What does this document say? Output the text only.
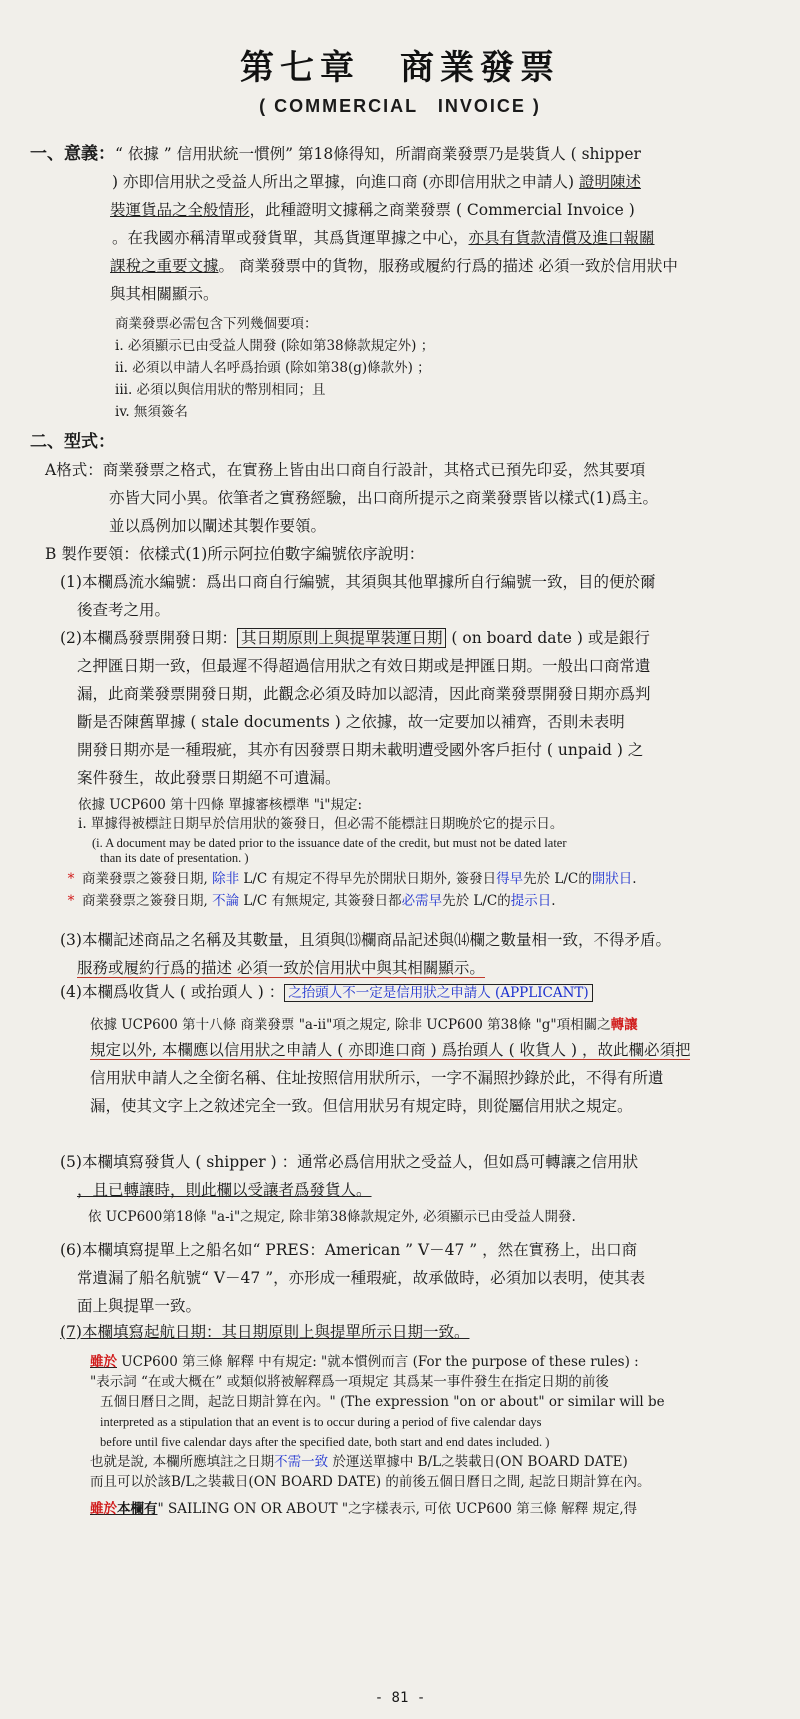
第七章　商業發票
( COMMERCIAL　INVOICE )
一、意義：“ 依據 ” 信用狀統一慣例” 第18條得知，所謂商業發票乃是裝貨人 ( shipper
) 亦即信用狀之受益人所出之單據，向進口商 (亦即信用狀之申請人) 證明陳述
裝運貨品之全般情形，此種證明文據稱之商業發票 ( Commercial Invoice )
。在我國亦稱清單或發貨單，其爲貨運單據之中心，亦具有貨款清償及進口報關
課稅之重要文據。 商業發票中的貨物，服務或履約行爲的描述 必須一致於信用狀中
與其相關顯示。
商業發票必需包含下列幾個要項：
i. 必須顯示已由受益人開發 (除如第38條款規定外) ；
ii. 必須以申請人名呼爲抬頭 (除如第38(g)條款外) ；
iii. 必須以與信用狀的幣別相同；且
iv. 無須簽名
二、型式：
A格式：商業發票之格式，在實務上皆由出口商自行設計，其格式已預先印妥，然其要項
亦皆大同小異。依筆者之實務經驗，出口商所提示之商業發票皆以樣式(1)爲主。
並以爲例加以闡述其製作要領。
B 製作要領：依樣式(1)所示阿拉伯數字編號依序說明：
(1)本欄爲流水編號：爲出口商自行編號，其須與其他單據所自行編號一致，目的便於爾
後查考之用。
(2)本欄爲發票開發日期： 其日期原則上與提單裝運日期 ( on board date ) 或是銀行
之押匯日期一致，但最遲不得超過信用狀之有效日期或是押匯日期。一般出口商常遺
漏，此商業發票開發日期，此觀念必須及時加以認清，因此商業發票開發日期亦爲判
斷是否陳舊單據 ( stale documents ) 之依據，故一定要加以補齊，否則未表明
開發日期亦是一種瑕疵，其亦有因發票日期未載明遭受國外客戶拒付 ( unpaid ) 之
案件發生，故此發票日期絕不可遺漏。
依據 UCP600 第十四條 單據審核標準 "i"規定:
i. 單據得被標註日期早於信用狀的簽發日，但必需不能標註日期晚於它的提示日。
(i. A document may be dated prior to the issuance date of the credit, but must not be dated later
than its date of presentation. )
* 商業發票之簽發日期, 除非 L/C 有規定不得早先於開狀日期外, 簽發日得早先於 L/C的開狀日.
* 商業發票之簽發日期, 不論 L/C 有無規定, 其簽發日都必需早先於 L/C的提示日.
(3)本欄記述商品之名稱及其數量，且須與⒀欄商品記述與⒁欄之數量相一致，不得矛盾。
服務或履約行爲的描述 必須一致於信用狀中與其相關顯示。
(4)本欄爲收貨人 ( 或抬頭人 ) ： 之抬頭人不一定是信用狀之申請人 (APPLICANT)
依據 UCP600 第十八條 商業發票 "a-ii"項之規定, 除非 UCP600 第38條 "g"項相關之轉讓
規定以外, 本欄應以信用狀之申請人 ( 亦即進口商 ) 爲抬頭人 ( 收貨人 ) ，故此欄必須把
信用狀申請人之全銜名稱、住址按照信用狀所示，一字不漏照抄錄於此，不得有所遺
漏，使其文字上之敘述完全一致。但信用狀另有規定時，則從屬信用狀之規定。
(5)本欄填寫發貨人 ( shipper ) ：通常必爲信用狀之受益人，但如爲可轉讓之信用狀
，且已轉讓時，則此欄以受讓者爲發貨人。
依 UCP600第18條 "a-i"之規定, 除非第38條款規定外, 必須顯示已由受益人開發.
(6)本欄填寫提單上之船名如“ PRES：American ” V－47 ” ，然在實務上，出口商
常遺漏了船名航號“ V－47 ”，亦形成一種瑕疵，故承做時，必須加以表明，使其表
面上與提單一致。
(7)本欄填寫起航日期：其日期原則上與提單所示日期一致。
雖於 UCP600 第三條 解釋 中有規定: "就本慣例而言 (For the purpose of these rules) :
"表示詞 “在或大概在” 或類似將被解釋爲一項規定 其爲某一事件發生在指定日期的前後
五個日曆日之間，起訖日期計算在內。" (The expression "on or about" or similar will be
interpreted as a stipulation that an event is to occur during a period of five calendar days
before until five calendar days after the specified date, both start and end dates included. )
也就是說, 本欄所應填註之日期不需一致 於運送單據中 B/L之裝載日(ON BOARD DATE)
而且可以於該B/L之裝載日(ON BOARD DATE) 的前後五個日曆日之間, 起訖日期計算在內。
雖於本欄有" SAILING ON OR ABOUT "之字樣表示, 可依 UCP600 第三條 解釋 規定,得
- 81 -
